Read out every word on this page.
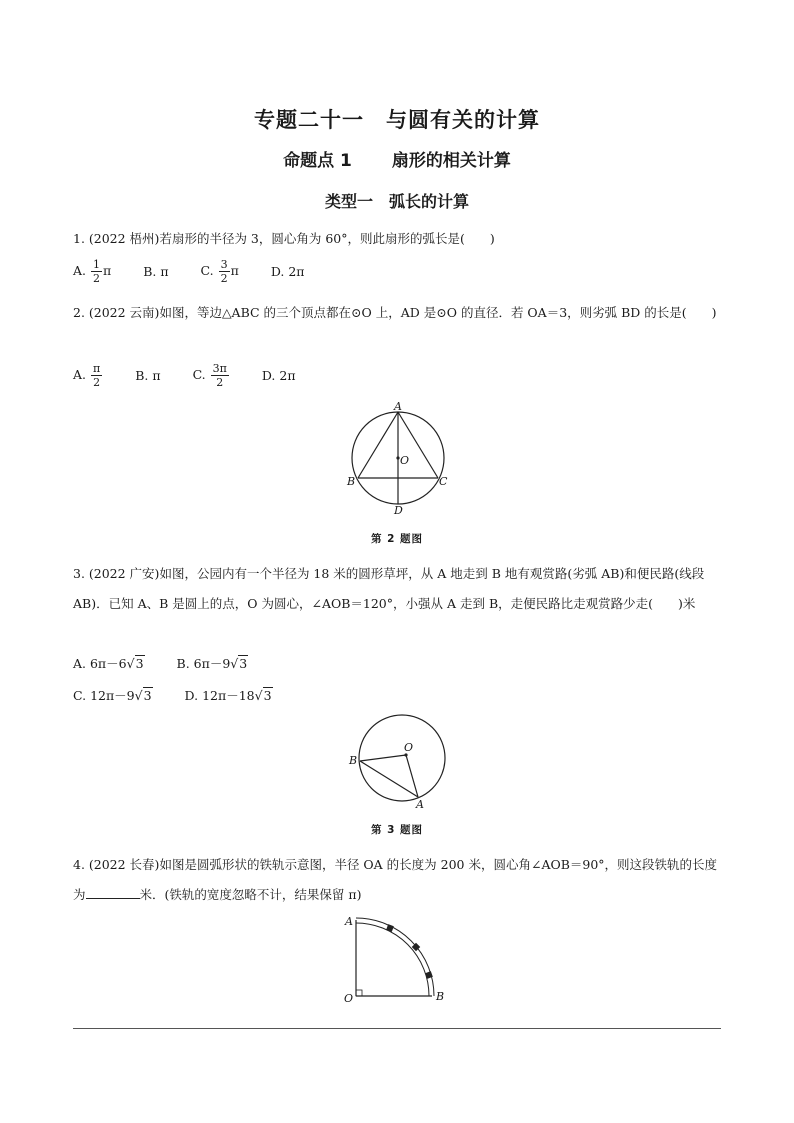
专题二十一　与圆有关的计算
命题点 1 扇形的相关计算
类型一 弧长的计算
1. (2022 梧州)若扇形的半径为 3，圆心角为 60°，则此扇形的弧长是(　　)
A. $\frac{1}{2}$ π	B. π	C. $\frac{3}{2}$ π	D. 2π
2. (2022 云南)如图，等边△ABC 的三个顶点都在⊙O 上，AD 是⊙O 的直径．若 OA＝3，则劣弧 BD 的长是(　　)
A. $\frac{\pi}{2}$	B. π	C. $\frac{3\pi}{2}$	D. 2π
A
B	C
D
O
第 2 题图
3. (2022 广安)如图，公园内有一个半径为 18 米的圆形草坪，从 A 地走到 B 地有观赏路(劣弧 AB)和便民路(线段 AB)．已知 A、B 是圆上的点，O 为圆心，∠AOB＝120°，小强从 A 走到 B，走便民路比走观赏路少走(　　)米
A. 6π－6√3	B. 6π－9√3
C. 12π－9√3	D. 12π－18√3
O
B
A
第 3 题图
4. (2022 长春)如图是圆弧形状的铁轨示意图，半径 OA 的长度为 200 米，圆心角∠AOB＝90°，则这段铁轨的长度为	米．(铁轨的宽度忽略不计，结果保留 π)
A
O	B
